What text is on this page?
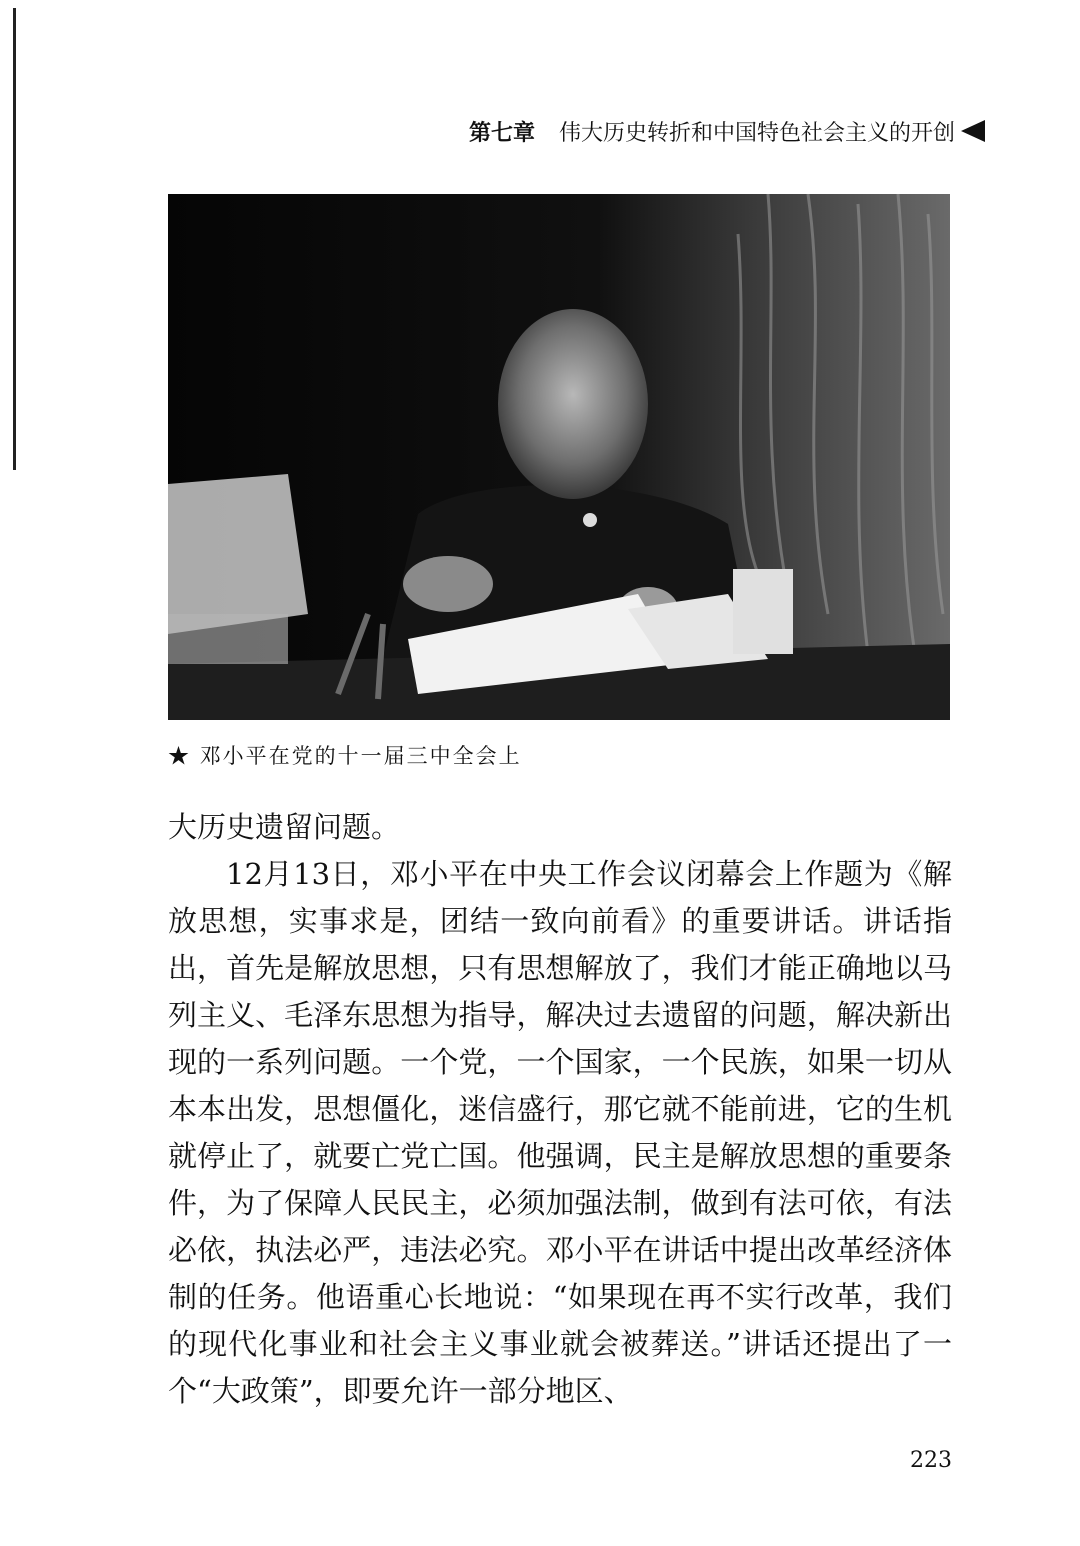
第七章 伟大历史转折和中国特色社会主义的开创
★ 邓小平在党的十一届三中全会上

大历史遗留问题。

12月13日，邓小平在中央工作会议闭幕会上作题为《解放思想，实事求是，团结一致向前看》的重要讲话。讲话指出，首先是解放思想，只有思想解放了，我们才能正确地以马列主义、毛泽东思想为指导，解决过去遗留的问题，解决新出现的一系列问题。一个党，一个国家，一个民族，如果一切从本本出发，思想僵化，迷信盛行，那它就不能前进，它的生机就停止了，就要亡党亡国。他强调，民主是解放思想的重要条件，为了保障人民民主，必须加强法制，做到有法可依，有法必依，执法必严，违法必究。邓小平在讲话中提出改革经济体制的任务。他语重心长地说：“如果现在再不实行改革，我们的现代化事业和社会主义事业就会被葬送。”讲话还提出了一个“大政策”，即要允许一部分地区、

223
